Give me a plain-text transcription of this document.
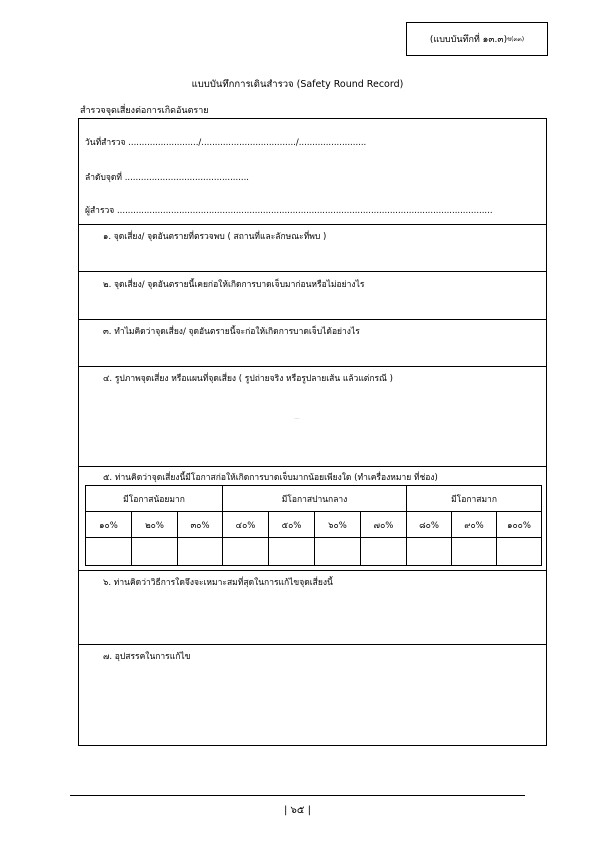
(แบบบันทึกที่ ๑๓.๓) ข(๓๓)
แบบบันทึกการเดินสำรวจ (Safety Round Record)
สำรวจจุดเสี่ยงต่อการเกิดอันตราย
วันที่สำรวจ ........................../.................................../.........................
ลำดับจุดที่ ..............................................
ผู้สำรวจ ...........................................................................................................................................
๑. จุดเสี่ยง/ จุดอันตรายที่ตรวจพบ ( สถานที่และลักษณะที่พบ )
๒. จุดเสี่ยง/ จุดอันตรายนี้เคยก่อให้เกิดการบาดเจ็บมาก่อนหรือไม่อย่างไร
๓. ทำไมคิดว่าจุดเสี่ยง/ จุดอันตรายนี้จะก่อให้เกิดการบาดเจ็บได้อย่างไร
๔. รูปภาพจุดเสี่ยง หรือแผนที่จุดเสี่ยง ( รูปถ่ายจริง หรือรูปลายเส้น แล้วแต่กรณี )
---
๕. ท่านคิดว่าจุดเสี่ยงนี้มีโอกาสก่อให้เกิดการบาดเจ็บมากน้อยเพียงใด (ทำเครื่องหมาย ที่ช่อง)
มีโอกาสน้อยมาก			มีโอกาสปานกลาง				มีโอกาสมาก		
๑๐%	๒๐%	๓๐%	๔๐%	๕๐%	๖๐%	๗๐%	๘๐%	๙๐%	๑๐๐%

๖. ท่านคิดว่าวิธีการใดจึงจะเหมาะสมที่สุดในการแก้ไขจุดเสี่ยงนี้
๗. อุปสรรคในการแก้ไข
| ๖๕ |
